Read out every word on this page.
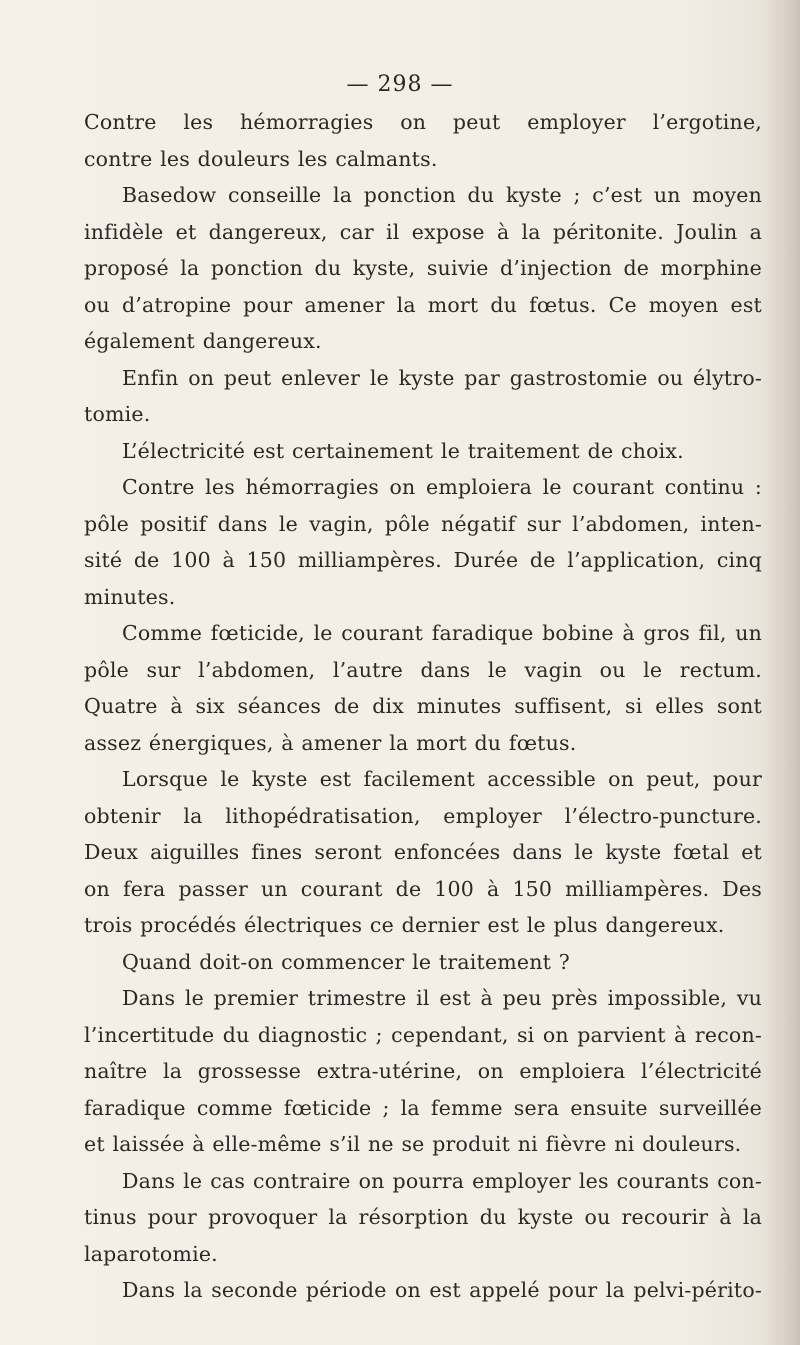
— 298 —
Contre les hémorragies on peut employer l’ergotine,
contre les douleurs les calmants.
Basedow conseille la ponction du kyste ; c’est un moyen
infidèle et dangereux, car il expose à la péritonite. Joulin a
proposé la ponction du kyste, suivie d’injection de morphine
ou d’atropine pour amener la mort du fœtus. Ce moyen est
également dangereux.
Enfin on peut enlever le kyste par gastrostomie ou élytro-
tomie.
L’électricité est certainement le traitement de choix.
Contre les hémorragies on emploiera le courant continu :
pôle positif dans le vagin, pôle négatif sur l’abdomen, inten-
sité de 100 à 150 milliampères. Durée de l’application, cinq
minutes.
Comme fœticide, le courant faradique bobine à gros fil, un
pôle sur l’abdomen, l’autre dans le vagin ou le rectum.
Quatre à six séances de dix minutes suffisent, si elles sont
assez énergiques, à amener la mort du fœtus.
Lorsque le kyste est facilement accessible on peut, pour
obtenir la lithopédratisation, employer l’électro-puncture.
Deux aiguilles fines seront enfoncées dans le kyste fœtal et
on fera passer un courant de 100 à 150 milliampères. Des
trois procédés électriques ce dernier est le plus dangereux.
Quand doit-on commencer le traitement ?
Dans le premier trimestre il est à peu près impossible, vu
l’incertitude du diagnostic ; cependant, si on parvient à recon-
naître la grossesse extra-utérine, on emploiera l’électricité
faradique comme fœticide ; la femme sera ensuite surveillée
et laissée à elle-même s’il ne se produit ni fièvre ni douleurs.
Dans le cas contraire on pourra employer les courants con-
tinus pour provoquer la résorption du kyste ou recourir à la
laparotomie.
Dans la seconde période on est appelé pour la pelvi-périto-
